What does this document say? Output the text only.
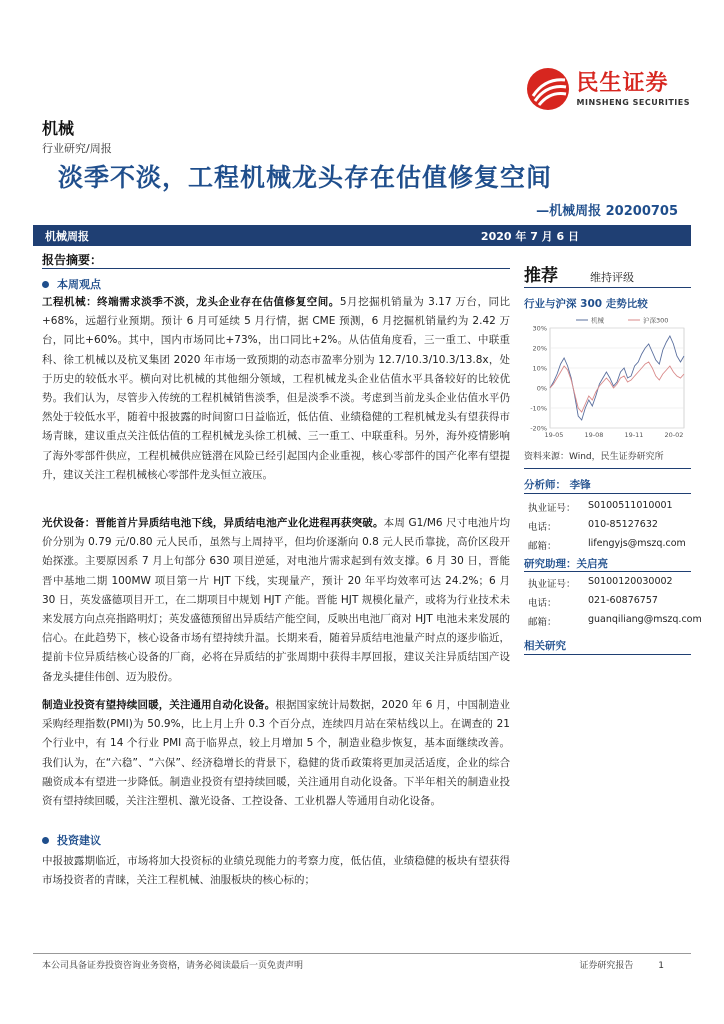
民生证券
MINSHENG SECURITIES
机械
行业研究/周报
淡季不淡，工程机械龙头存在估值修复空间
—机械周报 20200705
机械周报	2020 年 7 月 6 日
报告摘要：
本周观点
工程机械：终端需求淡季不淡，龙头企业存在估值修复空间。5月挖掘机销量为 3.17 万台，同比+68%，远超行业预期。预计 6 月可延续 5 月行情，据 CME 预测，6 月挖掘机销量约为 2.42 万台，同比+60%。其中，国内市场同比+73%，出口同比+2%。从估值角度看，三一重工、中联重科、徐工机械以及杭叉集团 2020 年市场一致预期的动态市盈率分别为 12.7/10.3/10.3/13.8x，处于历史的较低水平。横向对比机械的其他细分领域，工程机械龙头企业估值水平具备较好的比较优势。我们认为，尽管步入传统的工程机械销售淡季，但是淡季不淡。考虑到当前龙头企业估值水平仍然处于较低水平，随着中报披露的时间窗口日益临近，低估值、业绩稳健的工程机械龙头有望获得市场青睐，建议重点关注低估值的工程机械龙头徐工机械、三一重工、中联重科。另外，海外疫情影响了海外零部件供应，工程机械供应链潜在风险已经引起国内企业重视，核心零部件的国产化率有望提升，建议关注工程机械核心零部件龙头恒立液压。
光伏设备：晋能首片异质结电池下线，异质结电池产业化进程再获突破。本周 G1/M6 尺寸电池片均价分别为 0.79 元/0.80 元人民币，虽然与上周持平，但均价逐渐向 0.8 元人民币靠拢，高价区段开始探涨。主要原因系 7 月上旬部分 630 项目逆延，对电池片需求起到有效支撑。6 月 30 日，晋能晋中基地二期 100MW 项目第一片 HJT 下线，实现量产，预计 20 年平均效率可达 24.2%；6 月 30 日，英发盛德项目开工，在二期项目中规划 HJT 产能。晋能 HJT 规模化量产，或将为行业技术未来发展方向点亮指路明灯；英发盛德预留出异质结产能空间，反映出电池厂商对 HJT 电池未来发展的信心。在此趋势下，核心设备市场有望持续升温。长期来看，随着异质结电池量产时点的逐步临近，提前卡位异质结核心设备的厂商，必将在异质结的扩张周期中获得丰厚回报，建议关注异质结国产设备龙头捷佳伟创、迈为股份。
制造业投资有望持续回暖，关注通用自动化设备。根据国家统计局数据，2020 年 6 月，中国制造业采购经理指数(PMI)为 50.9%，比上月上升 0.3 个百分点，连续四月站在荣枯线以上。在调查的 21 个行业中，有 14 个行业 PMI 高于临界点，较上月增加 5 个，制造业稳步恢复，基本面继续改善。我们认为，在“六稳”、“六保”、经济稳增长的背景下，稳健的货币政策将更加灵活适度，企业的综合融资成本有望进一步降低。制造业投资有望持续回暖，关注通用自动化设备。下半年相关的制造业投资有望持续回暖，关注注塑机、激光设备、工控设备、工业机器人等通用自动化设备。
投资建议
中报披露期临近，市场将加大投资标的业绩兑现能力的考察力度，低估值，业绩稳健的板块有望获得市场投资者的青睐，关注工程机械、油服板块的核心标的；
推荐	维持评级
行业与沪深 300 走势比较
30%
20%
10%
0%
-10%
-20%
19-05	19-08	19-11	20-02
机械	沪深300
资料来源：Wind，民生证券研究所
分析师： 李锋
执业证号：	S0100511010001
电话：	010-85127632
邮箱：	lifengyjs@mszq.com
研究助理：关启亮
执业证号：	S0100120030002
电话：	021-60876757
邮箱：	guanqiliang@mszq.com
相关研究
本公司具备证券投资咨询业务资格，请务必阅读最后一页免责声明	证券研究报告	1
